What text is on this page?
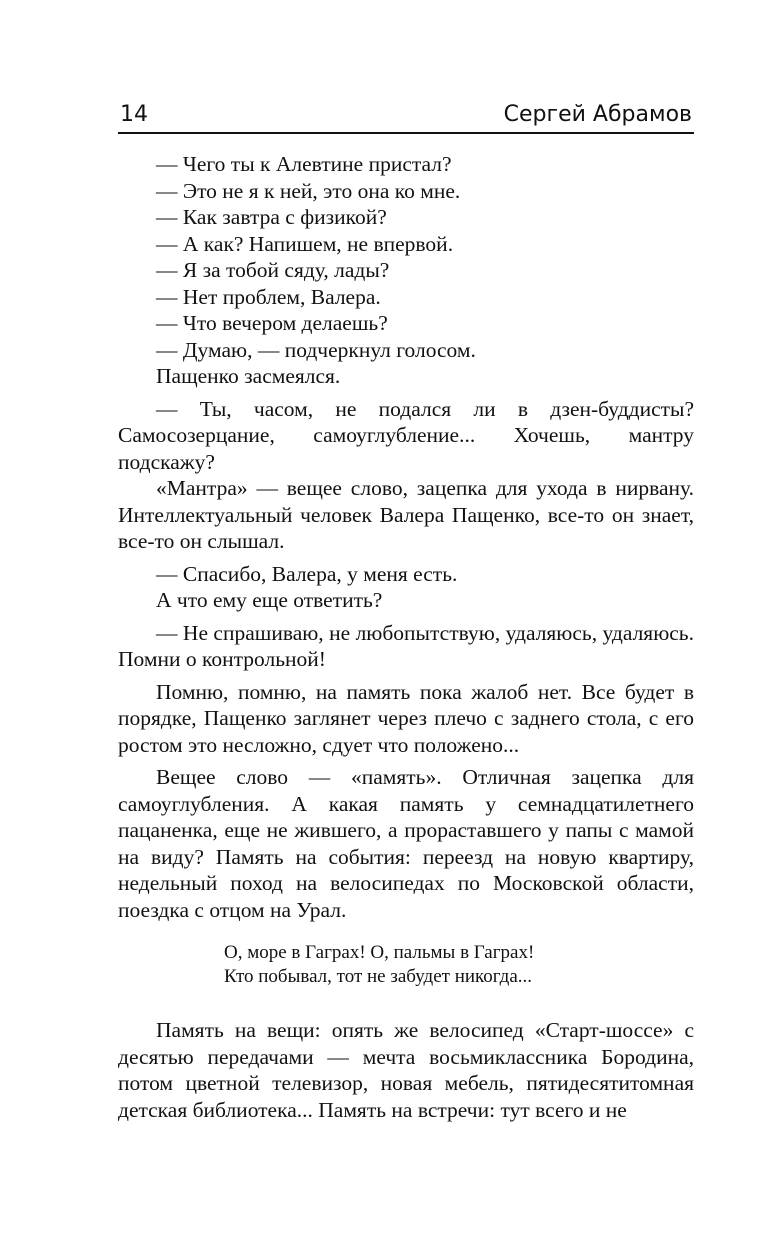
14	Сергей Абрамов

— Чего ты к Алевтине пристал?

— Это не я к ней, это она ко мне.

— Как завтра с физикой?

— А как? Напишем, не впервой.

— Я за тобой сяду, лады?

— Нет проблем, Валера.

— Что вечером делаешь?

— Думаю, — подчеркнул голосом.

Пащенко засмеялся.

— Ты, часом, не подался ли в дзен-буддисты? Самосозерцание, самоуглубление... Хочешь, мантру подскажу?

«Мантра» — вещее слово, зацепка для ухода в нирвану. Интеллектуальный человек Валера Пащенко, все-то он знает, все-то он слышал.

— Спасибо, Валера, у меня есть.

А что ему еще ответить?

— Не спрашиваю, не любопытствую, удаляюсь, удаляюсь. Помни о контрольной!

Помню, помню, на память пока жалоб нет. Все будет в порядке, Пащенко заглянет через плечо с заднего стола, с его ростом это несложно, сдует что положено...

Вещее слово — «память». Отличная зацепка для самоуглубления. А какая память у семнадцатилетнего пацаненка, еще не жившего, а прораставшего у папы с мамой на виду? Память на события: переезд на новую квартиру, недельный поход на велосипедах по Московской области, поездка с отцом на Урал.

О, море в Гаграх! О, пальмы в Гаграх!
Кто побывал, тот не забудет никогда...

Память на вещи: опять же велосипед «Старт-шоссе» с десятью передачами — мечта восьмиклассника Бородина, потом цветной телевизор, новая мебель, пятидесятитомная детская библиотека... Память на встречи: тут всего и не
